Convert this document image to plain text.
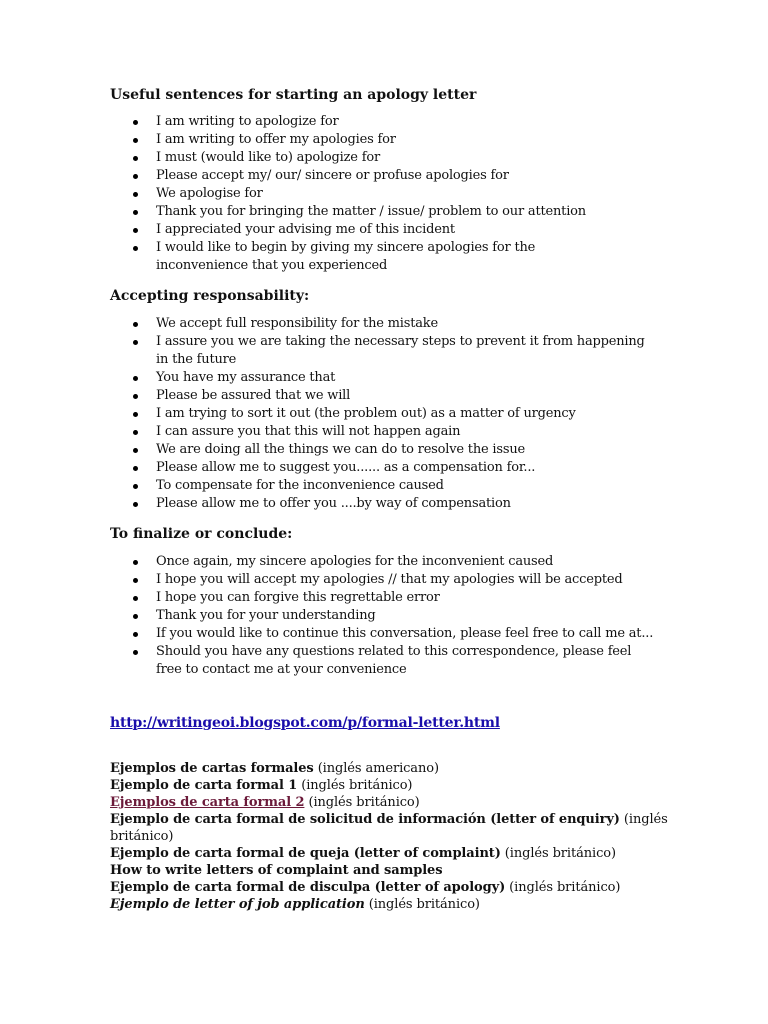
Useful sentences for starting an apology letter
I am writing to apologize for
I am writing to offer my apologies for
I must (would like to) apologize for
Please accept my/ our/ sincere or profuse apologies for
We apologise for
Thank you for bringing the matter / issue/ problem to our attention
I appreciated your advising me of this incident
I would like to begin by giving my sincere apologies for the inconvenience that you experienced
Accepting responsability:
We accept full responsibility for the mistake
I assure you we are taking the necessary steps to prevent it from happening in the future
You have my assurance that
Please be assured that we will
I am trying to sort it out (the problem out) as a matter of urgency
I can assure you that this will not happen again
We are doing all the things we can do to resolve the issue
Please allow me to suggest you...... as a compensation for...
To compensate for the inconvenience caused
Please allow me to offer you ....by way of compensation
To finalize or conclude:
Once again, my sincere apologies for the inconvenient caused
I hope you will accept my apologies // that my apologies will be accepted
I hope you can forgive this regrettable error
Thank you for your understanding
If you would like to continue this conversation, please feel free to call me at...
Should you have any questions related to this correspondence, please feel free to contact me at your convenience
http://writingeoi.blogspot.com/p/formal-letter.html
Ejemplos de cartas formales (inglés americano)
Ejemplo de carta formal 1 (inglés británico)
Ejemplos de carta formal 2 (inglés británico)
Ejemplo de carta formal de solicitud de información (letter of enquiry) (inglés británico)
Ejemplo de carta formal de queja (letter of complaint) (inglés británico)
How to write letters of complaint and samples
Ejemplo de carta formal de disculpa (letter of apology) (inglés británico)
Ejemplo de letter of job application (inglés británico)
